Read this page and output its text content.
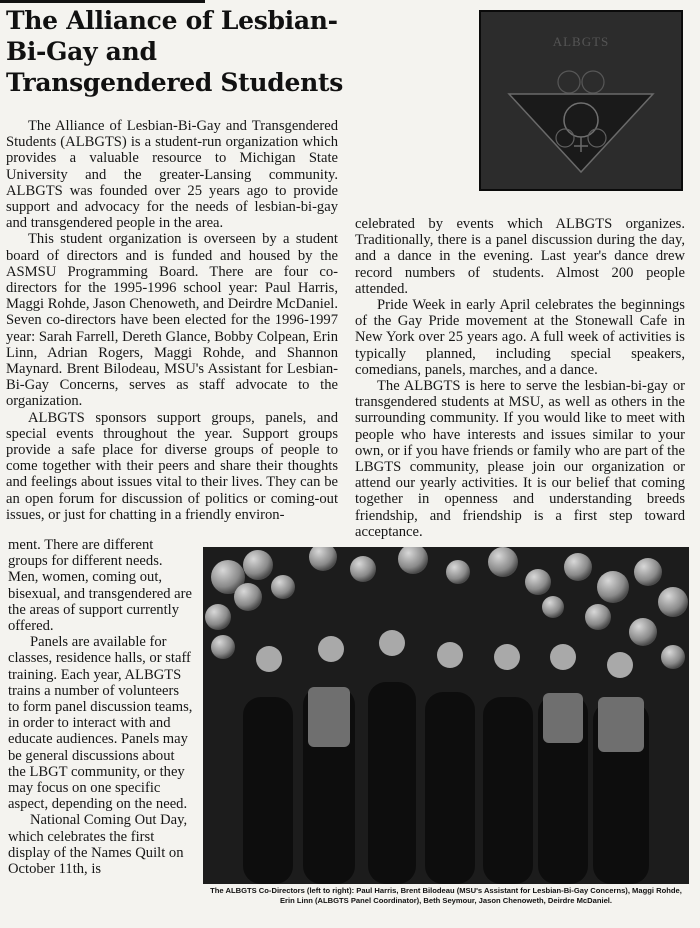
The Alliance of Lesbian-Bi-Gay and Transgendered Students
ALBGTS

The Alliance of Lesbian-Bi-Gay and Transgendered Students (ALBGTS) is a student-run organization which provides a valuable resource to Michigan State University and the greater-Lansing community. ALBGTS was founded over 25 years ago to provide support and advocacy for the needs of lesbian-bi-gay and transgendered people in the area.

This student organization is overseen by a student board of directors and is funded and housed by the ASMSU Programming Board. There are four co-directors for the 1995-1996 school year: Paul Harris, Maggi Rohde, Jason Chenoweth, and Deirdre McDaniel. Seven co-directors have been elected for the 1996-1997 year: Sarah Farrell, Dereth Glance, Bobby Colpean, Erin Linn, Adrian Rogers, Maggi Rohde, and Shannon Maynard. Brent Bilodeau, MSU's Assistant for Lesbian-Bi-Gay Concerns, serves as staff advocate to the organization.

ALBGTS sponsors support groups, panels, and special events throughout the year. Support groups provide a safe place for diverse groups of people to come together with their peers and share their thoughts and feelings about issues vital to their lives. They can be an open forum for discussion of politics or coming-out issues, or just for chatting in a friendly environ-

ment. There are different groups for different needs. Men, women, coming out, bisexual, and transgendered are the areas of support currently offered.

Panels are available for classes, residence halls, or staff training. Each year, ALBGTS trains a number of volunteers to form panel discussion teams, in order to interact with and educate audiences. Panels may be general discussions about the LBGT community, or they may focus on one specific aspect, depending on the need.

National Coming Out Day, which celebrates the first display of the Names Quilt on October 11th, is

celebrated by events which ALBGTS organizes. Traditionally, there is a panel discussion during the day, and a dance in the evening. Last year's dance drew record numbers of students. Almost 200 people attended.

Pride Week in early April celebrates the beginnings of the Gay Pride movement at the Stonewall Cafe in New York over 25 years ago. A full week of activities is typically planned, including special speakers, comedians, panels, marches, and a dance.

The ALBGTS is here to serve the lesbian-bi-gay or transgendered students at MSU, as well as others in the surrounding community. If you would like to meet with people who have interests and issues similar to your own, or if you have friends or family who are part of the LBGTS community, please join our organization or attend our yearly activities. It is our belief that coming together in openness and understanding breeds friendship, and friendship is a first step toward acceptance.

The ALBGTS Co-Directors (left to right): Paul Harris, Brent Bilodeau (MSU's Assistant for Lesbian-Bi-Gay Concerns), Maggi Rohde, Erin Linn (ALBGTS Panel Coordinator), Beth Seymour, Jason Chenoweth, Deirdre McDaniel.
